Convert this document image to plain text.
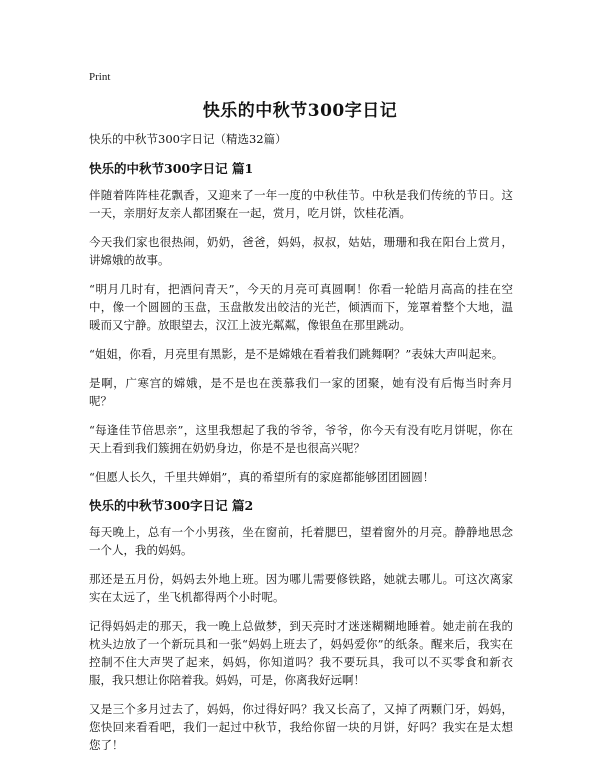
Print
快乐的中秋节300字日记

快乐的中秋节300字日记（精选32篇）

快乐的中秋节300字日记 篇1

伴随着阵阵桂花飘香，又迎来了一年一度的中秋佳节。中秋是我们传统的节日。这一天，亲朋好友亲人都团聚在一起，赏月，吃月饼，饮桂花酒。

今天我们家也很热闹，奶奶，爸爸，妈妈，叔叔，姑姑，珊珊和我在阳台上赏月，讲嫦娥的故事。

“明月几时有，把酒问青天”，今天的月亮可真圆啊！你看一轮皓月高高的挂在空中，像一个圆圆的玉盘，玉盘散发出皎洁的光芒，倾洒而下，笼罩着整个大地，温暖而又宁静。放眼望去，汉江上波光粼粼，像银鱼在那里跳动。

“姐姐，你看，月亮里有黑影，是不是嫦娥在看着我们跳舞啊？”表妹大声叫起来。

是啊，广寒宫的嫦娥，是不是也在羡慕我们一家的团聚，她有没有后悔当时奔月呢？

“每逢佳节倍思亲”，这里我想起了我的爷爷，爷爷，你今天有没有吃月饼呢，你在天上看到我们簇拥在奶奶身边，你是不是也很高兴呢？

“但愿人长久，千里共婵娟”，真的希望所有的家庭都能够团团圆圆！

快乐的中秋节300字日记 篇2

每天晚上，总有一个小男孩，坐在窗前，托着腮巴，望着窗外的月亮。静静地思念一个人，我的妈妈。

那还是五月份，妈妈去外地上班。因为哪儿需要修铁路，她就去哪儿。可这次离家实在太远了，坐飞机都得两个小时呢。

记得妈妈走的那天，我一晚上总做梦，到天亮时才迷迷糊糊地睡着。她走前在我的枕头边放了一个新玩具和一张“妈妈上班去了，妈妈爱你”的纸条。醒来后，我实在控制不住大声哭了起来，妈妈，你知道吗？我不要玩具，我可以不买零食和新衣服，我只想让你陪着我。妈妈，可是，你离我好远啊！

又是三个多月过去了，妈妈，你过得好吗？我又长高了，又掉了两颗门牙，妈妈，您快回来看看吧，我们一起过中秋节，我给你留一块的月饼，好吗？我实在是太想您了！
